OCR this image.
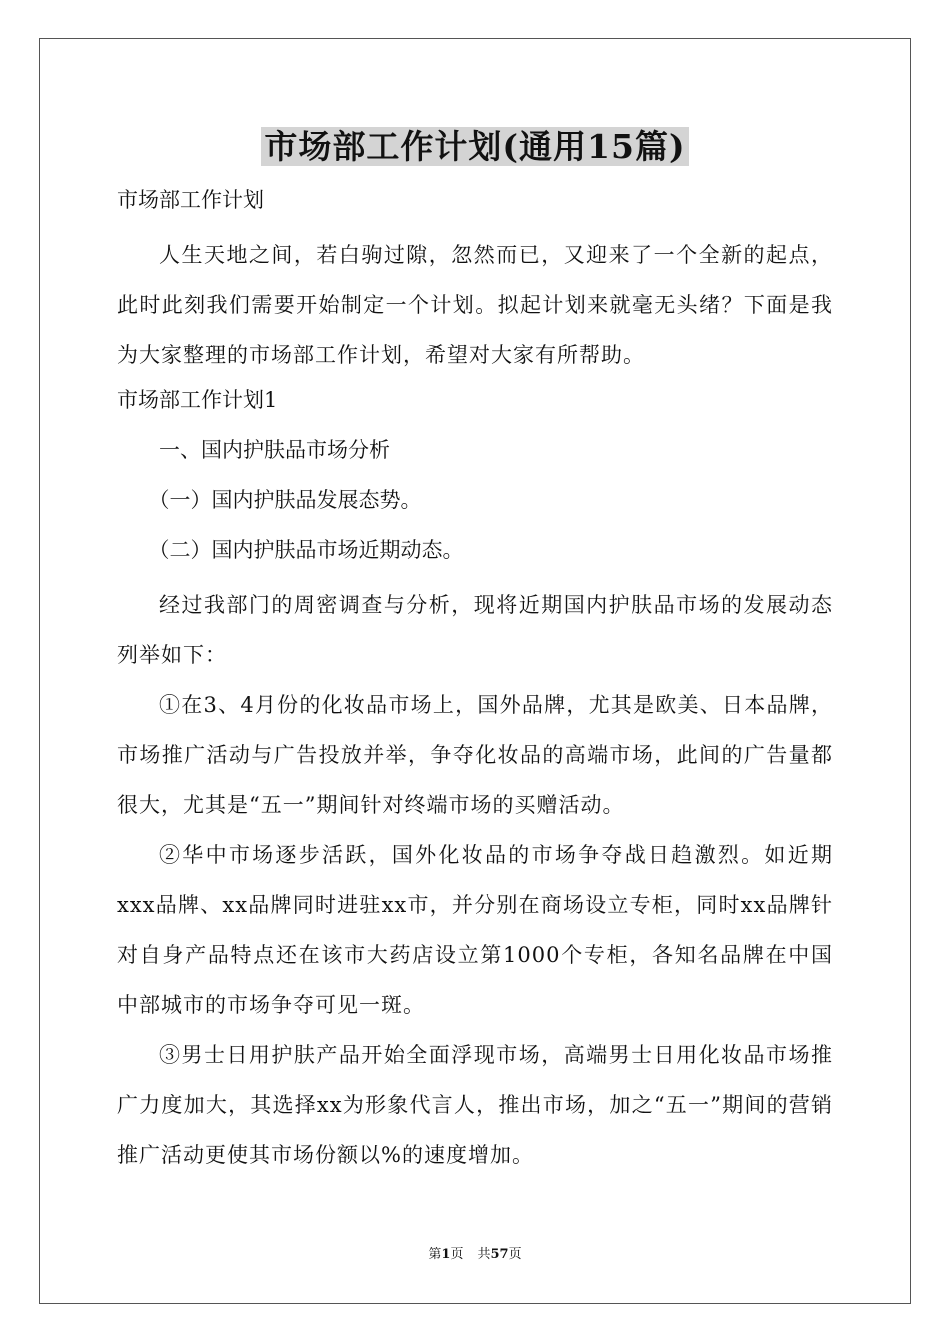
市场部工作计划(通用15篇)
市场部工作计划

人生天地之间，若白驹过隙，忽然而已，又迎来了一个全新的起点，此时此刻我们需要开始制定一个计划。拟起计划来就毫无头绪？下面是我为大家整理的市场部工作计划，希望对大家有所帮助。

市场部工作计划1
一、国内护肤品市场分析
（一）国内护肤品发展态势。
（二）国内护肤品市场近期动态。

经过我部门的周密调查与分析，现将近期国内护肤品市场的发展动态列举如下：

①在3、4月份的化妆品市场上，国外品牌，尤其是欧美、日本品牌，市场推广活动与广告投放并举，争夺化妆品的高端市场，此间的广告量都很大，尤其是“五一”期间针对终端市场的买赠活动。

②华中市场逐步活跃，国外化妆品的市场争夺战日趋激烈。如近期xxx品牌、xx品牌同时进驻xx市，并分别在商场设立专柜，同时xx品牌针对自身产品特点还在该市大药店设立第1000个专柜，各知名品牌在中国中部城市的市场争夺可见一斑。

③男士日用护肤产品开始全面浮现市场，高端男士日用化妆品市场推广力度加大，其选择xx为形象代言人，推出市场，加之“五一”期间的营销推广活动更使其市场份额以%的速度增加。

第1页 共57页
